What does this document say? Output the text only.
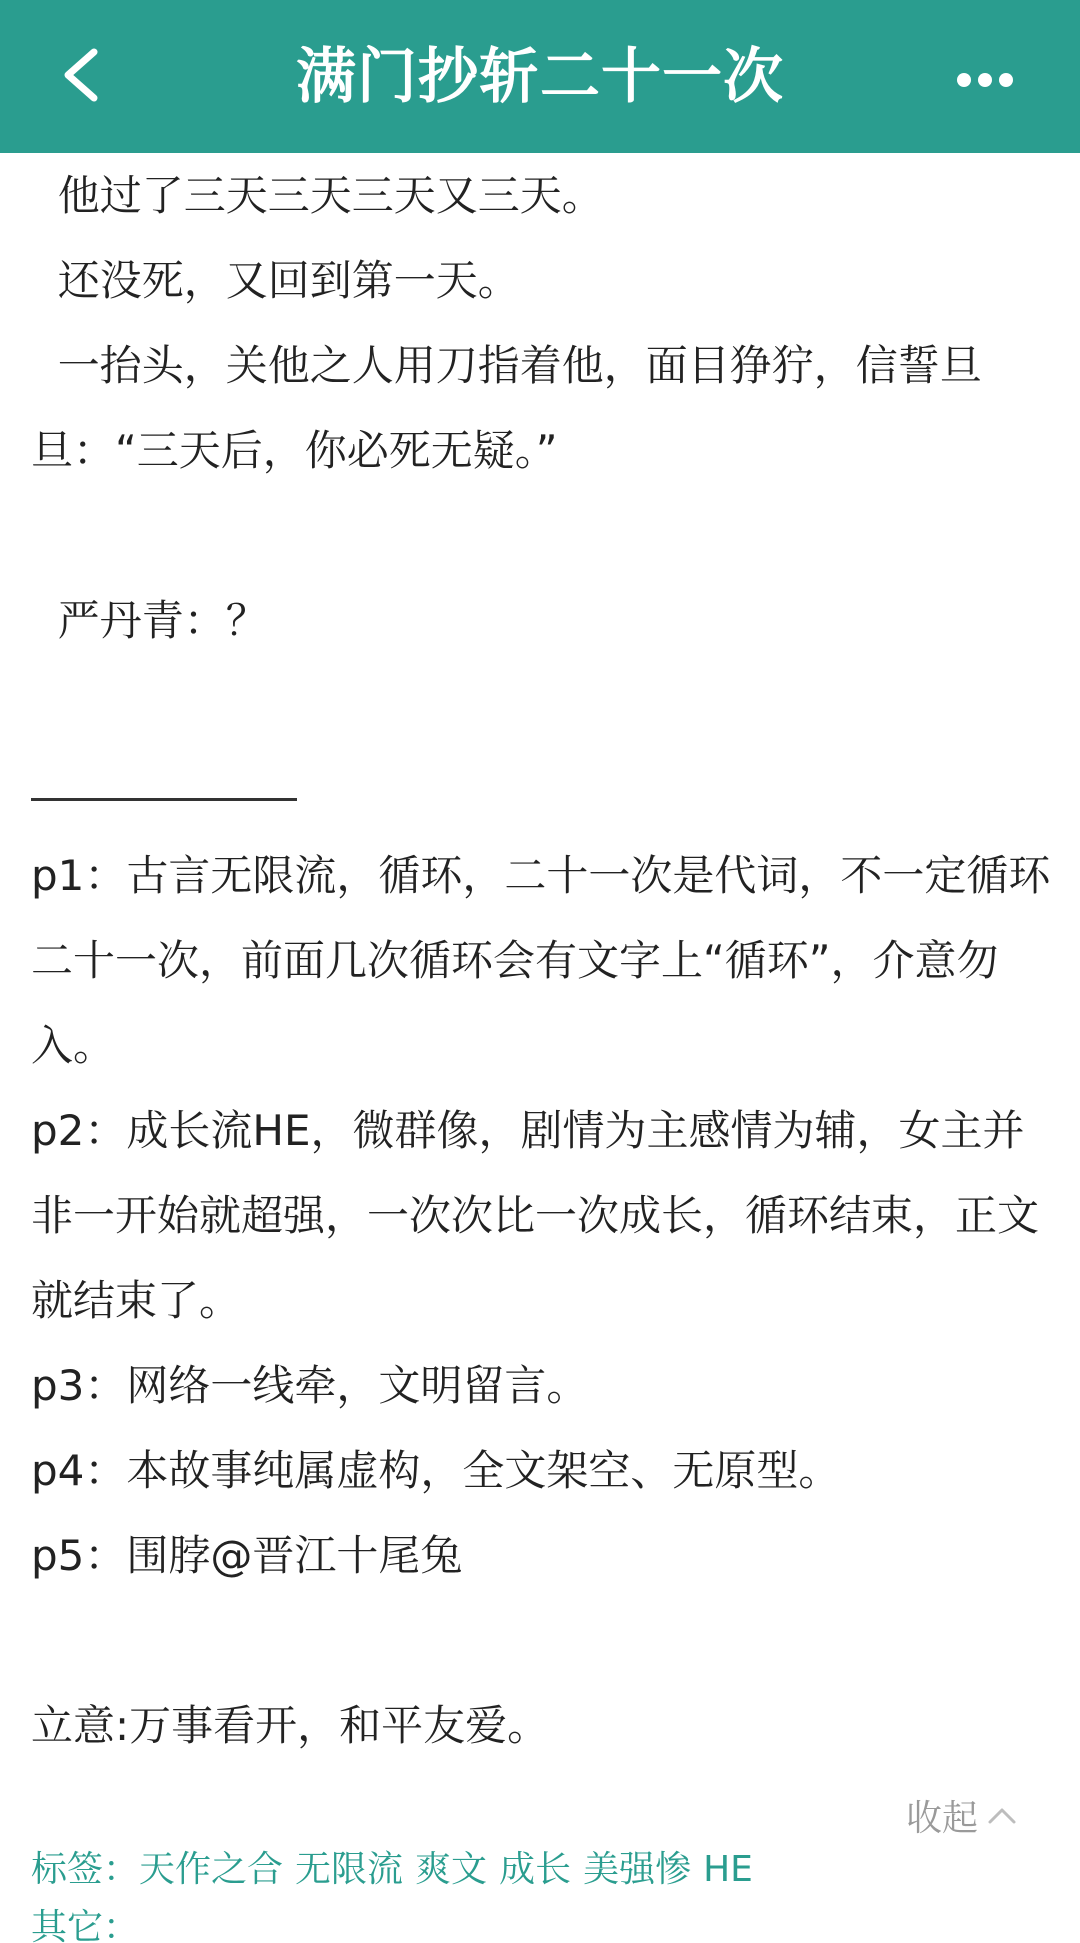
满门抄斩二十一次

他过了三天三天三天又三天。

还没死，又回到第一天。

一抬头，关他之人用刀指着他，面目狰狞，信誓旦旦：“三天后，你必死无疑。”

严丹青：？

p1：古言无限流，循环，二十一次是代词，不一定循环二十一次，前面几次循环会有文字上“循环”，介意勿入。

p2：成长流HE，微群像，剧情为主感情为辅，女主并非一开始就超强，一次次比一次成长，循环结束，正文就结束了。

p3：网络一线牵，文明留言。

p4：本故事纯属虚构，全文架空、无原型。

p5：围脖@晋江十尾兔

立意:万事看开，和平友爱。

收起
标签：天作之合 无限流 爽文 成长 美强惨 HE
其它：
